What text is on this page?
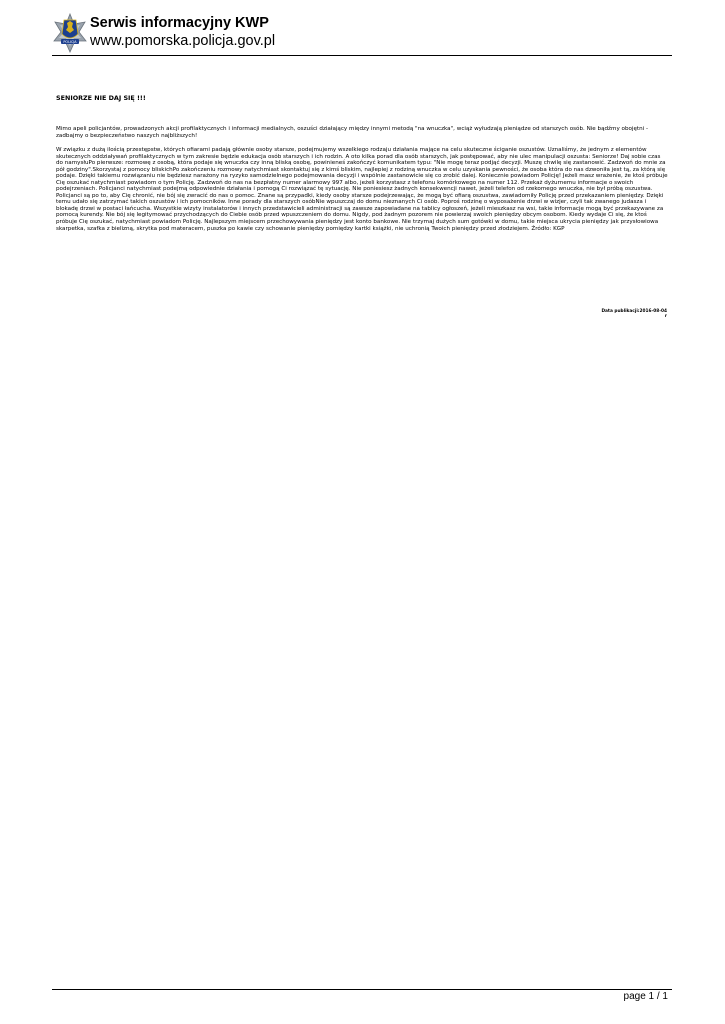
POLICJA
Serwis informacyjny KWP
www.pomorska.policja.gov.pl
SENIORZE NIE DAJ SIĘ !!!

Mimo apeli policjantów, prowadzonych akcji profilaktycznych i informacji medialnych, oszuści działający między innymi metodą "na wnuczka", wciąż wyłudzają pieniądze od starszych osób. Nie bądźmy obojętni - zadbajmy o bezpieczeństwo naszych najbliższych!

W związku z dużą ilością przestępstw, których ofiarami padają głównie osoby starsze, podejmujemy wszelkiego rodzaju działania mające na celu skuteczne ściganie oszustów. Uznaliśmy, że jednym z elementów skutecznych oddziaływań profilaktycznych w tym zakresie będzie edukacja osób starszych i ich rodzin. A oto kilka porad dla osób starszych, jak postępować, aby nie ulec manipulacji oszusta: Seniorze! Daj sobie czas do namysłuPo pierwsze: rozmowę z osobą, która podaje się wnuczka czy inną bliską osobę, powinieneś zakończyć komunikatem typu: "Nie mogę teraz podjąć decyzji. Muszę chwilę się zastanowić. Zadzwoń do mnie za pół godziny".Skorzystaj z pomocy bliskichPo zakończeniu rozmowy natychmiast skontaktuj się z kimś bliskim, najlepiej z rodziną wnuczka w celu uzyskania pewności, że osoba która do nas dzwoniła jest tą, za którą się podaje. Dzięki takiemu rozwiązaniu nie będziesz narażony na ryzyko samodzielnego podejmowania decyzji i wspólnie zastanowicie się co zrobić dalej. Koniecznie powiadom Policję! Jeżeli masz wrażenie, że ktoś próbuje Cię oszukać natychmiast powiadom o tym Policję. Zadzwoń do nas na bezpłatny numer alarmowy 997 albo, jeżeli korzystasz z telefonu komórkowego na numer 112. Przekaż dyżurnemu informacje o swoich podejrzeniach. Policjanci natychmiast podejmą odpowiednie działania i pomogą Ci rozwiązać tę sytuację. Nie poniesiesz żadnych konsekwencji nawet, jeżeli telefon od rzekomego wnuczka, nie był próbą oszustwa. Policjanci są po to, aby Cię chronić, nie bój się zwracić do nas o pomoc. Znane są przypadki, kiedy osoby starsze podejrzewając, że mogą być ofiarą oszustwa, zawiadomiły Policję przed przekazaniem pieniędzy. Dzięki temu udało się zatrzymać takich oszustów i ich pomocników. Inne porady dla starszych osóbNie wpuszczaj do domu nieznanych Ci osób. Poproś rodzinę o wyposażenie drzwi w wizjer, czyli tak zwanego judasza i blokadę drzwi w postaci łańcucha. Wszystkie wizyty instalatorów i innych przedstawicieli administracji są zawsze zapowiadane na tablicy ogłoszeń, jeżeli mieszkasz na wsi, takie informacje mogą być przekazywane za pomocą kurendy. Nie bój się legitymować przychodzących do Ciebie osób przed wpuszczeniem do domu. Nigdy, pod żadnym pozorem nie powierzaj swoich pieniędzy obcym osobom. Kiedy wydaje Ci się, że ktoś próbuje Cię oszukać, natychmiast powiadom Policję. Najlepszym miejscem przechowywania pieniędzy jest konto bankowe. Nie trzymaj dużych sum gotówki w domu, takie miejsca ukrycia pieniędzy jak przysłowiowa skarpetka, szafka z bielizną, skrytka pod materacem, puszka po kawie czy schowanie pieniędzy pomiędzy kartki książki, nie uchronią Twoich pieniędzy przed złodziejem. Źródło: KGP

Data publikacji:2016-08-04
r
page 1 / 1
